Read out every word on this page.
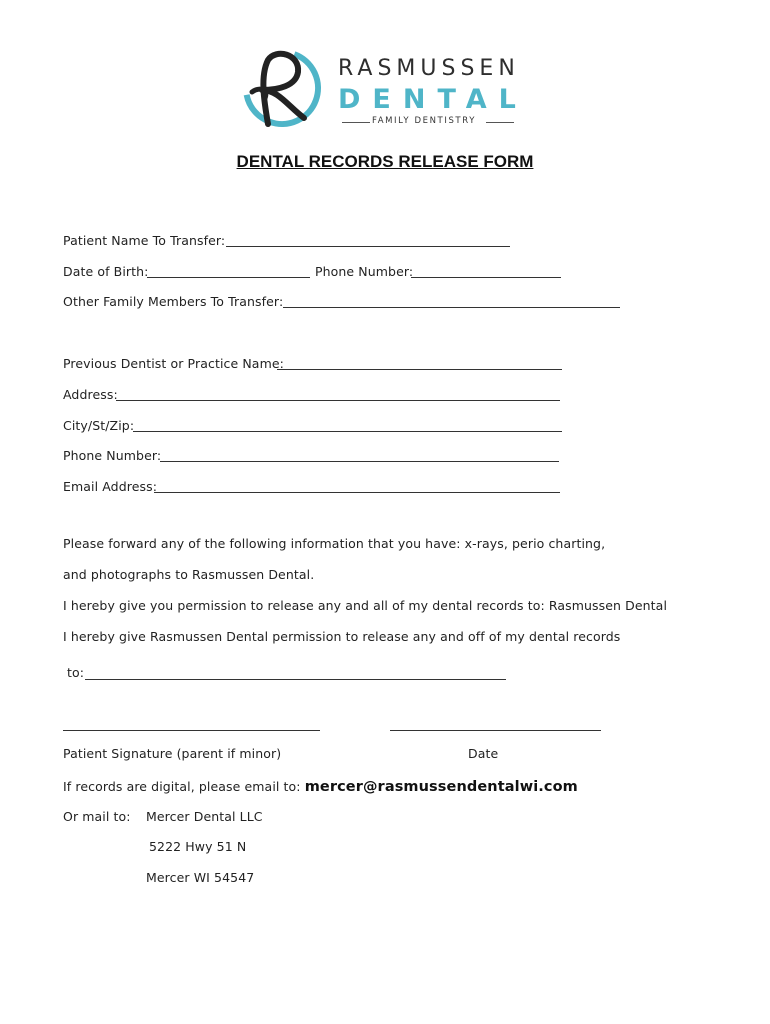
RASMUSSEN
DENTAL
FAMILY DENTISTRY
DENTAL RECORDS RELEASE FORM
Patient Name To Transfer:
Date of Birth:	Phone Number:
Other Family Members To Transfer:
Previous Dentist or Practice Name:
Address:
City/St/Zip:
Phone Number:
Email Address:
Please forward any of the following information that you have: x-rays, perio charting,
and photographs to Rasmussen Dental.
I hereby give you permission to release any and all of my dental records to: Rasmussen Dental
I hereby give Rasmussen Dental permission to release any and off of my dental records
to:
Patient Signature (parent if minor)	Date
If records are digital, please email to: mercer@rasmussendentalwi.com
Or mail to: Mercer Dental LLC
5222 Hwy 51 N
Mercer WI 54547
